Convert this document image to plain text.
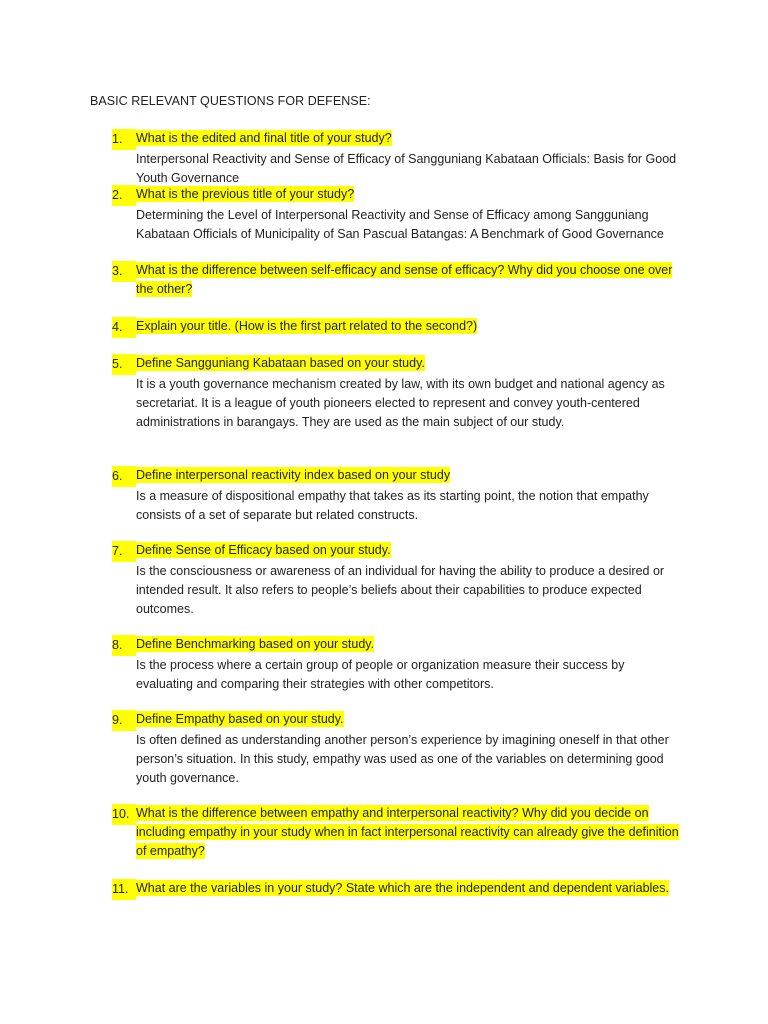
BASIC RELEVANT QUESTIONS FOR DEFENSE:
1.	What is the edited and final title of your study?
Interpersonal Reactivity and Sense of Efficacy of Sangguniang Kabataan Officials: Basis for Good Youth Governance
2.	What is the previous title of your study?
Determining the Level of Interpersonal Reactivity and Sense of Efficacy among Sangguniang Kabataan Officials of Municipality of San Pascual Batangas: A Benchmark of Good Governance
3.	What is the difference between self-efficacy and sense of efficacy? Why did you choose one over the other?
4.	Explain your title. (How is the first part related to the second?)
5.	Define Sangguniang Kabataan based on your study.
It is a youth governance mechanism created by law, with its own budget and national agency as secretariat. It is a league of youth pioneers elected to represent and convey youth-centered administrations in barangays. They are used as the main subject of our study.
6.	Define interpersonal reactivity index based on your study
Is a measure of dispositional empathy that takes as its starting point, the notion that empathy consists of a set of separate but related constructs.
7.	Define Sense of Efficacy based on your study.
Is the consciousness or awareness of an individual for having the ability to produce a desired or intended result. It also refers to people’s beliefs about their capabilities to produce expected outcomes.
8.	Define Benchmarking based on your study.
Is the process where a certain group of people or organization measure their success by evaluating and comparing their strategies with other competitors.
9.	Define Empathy based on your study.
Is often defined as understanding another person’s experience by imagining oneself in that other person’s situation. In this study, empathy was used as one of the variables on determining good youth governance.
10. What is the difference between empathy and interpersonal reactivity? Why did you decide on including empathy in your study when in fact interpersonal reactivity can already give the definition of empathy?
11. What are the variables in your study? State which are the independent and dependent variables.
